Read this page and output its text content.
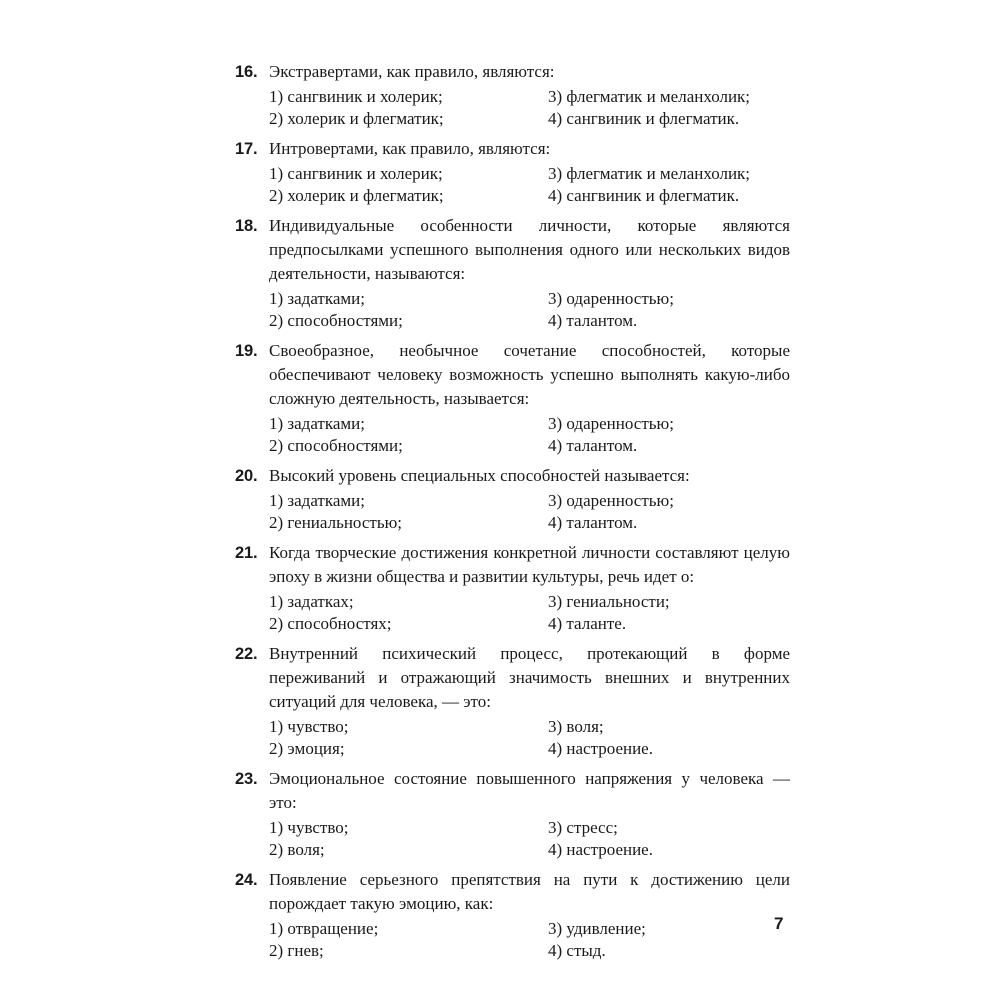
16. Экстравертами, как правило, являются:
1) сангвиник и холерик;	3) флегматик и меланхолик;
2) холерик и флегматик;	4) сангвиник и флегматик.
17. Интровертами, как правило, являются:
1) сангвиник и холерик;	3) флегматик и меланхолик;
2) холерик и флегматик;	4) сангвиник и флегматик.
18. Индивидуальные особенности личности, которые являются предпосылками успешного выполнения одного или нескольких видов деятельности, называются:
1) задатками;	3) одаренностью;
2) способностями;	4) талантом.
19. Своеобразное, необычное сочетание способностей, которые обеспечивают человеку возможность успешно выполнять какую-либо сложную деятельность, называется:
1) задатками;	3) одаренностью;
2) способностями;	4) талантом.
20. Высокий уровень специальных способностей называется:
1) задатками;	3) одаренностью;
2) гениальностью;	4) талантом.
21. Когда творческие достижения конкретной личности составляют целую эпоху в жизни общества и развитии культуры, речь идет о:
1) задатках;	3) гениальности;
2) способностях;	4) таланте.
22. Внутренний психический процесс, протекающий в форме переживаний и отражающий значимость внешних и внутренних ситуаций для человека, — это:
1) чувство;	3) воля;
2) эмоция;	4) настроение.
23. Эмоциональное состояние повышенного напряжения у человека — это:
1) чувство;	3) стресс;
2) воля;	4) настроение.
24. Появление серьезного препятствия на пути к достижению цели порождает такую эмоцию, как:
1) отвращение;	3) удивление;
2) гнев;	4) стыд.
7
